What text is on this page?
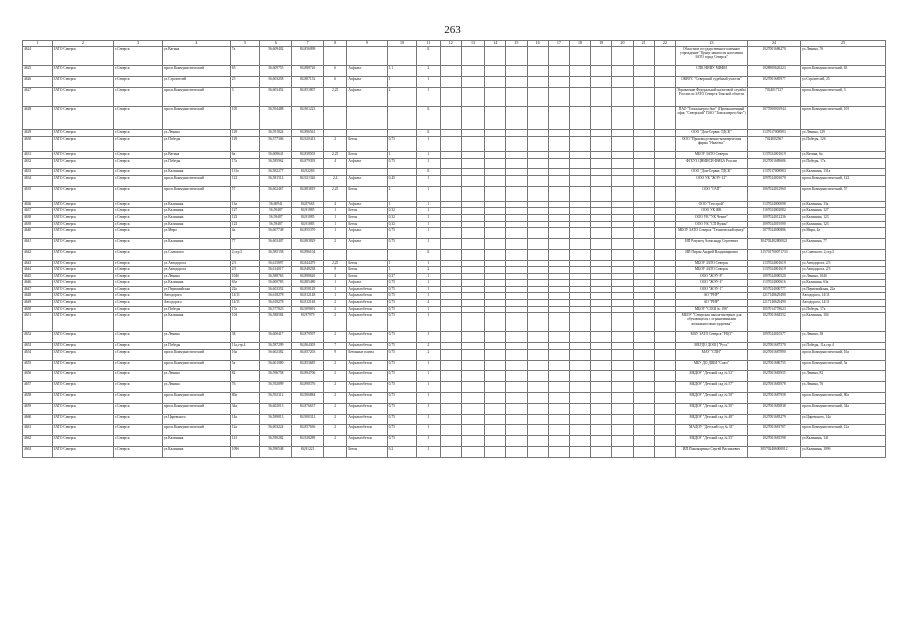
263
1	2	3	4	5	6	7	8	9	10	11	12	13	14	15	16	17	18	19	20	21	22	23	24	25
4624	ЗАТО Северск	г.Северск	ул.Ватина	7а	56,609402	84,856098				Б												Областное государственное казенное учреждение "Центр занятости населения ЗАТО город Северск"	1027001686270	ул.Ленина, 76
4625	ЗАТО Северск	г.Северск	просп.Коммунистический	65	56,609755	84,888726	6	Асфальт	1,1	2												СПК НИИУ МИФИ	1028900626223	просп.Коммунистический, 65
4626	ЗАТО Северск	г.Северск	ул.Строителей	25	56,603258	84,887152	6	Асфальт	1	1												ОКВУС "Северский судебный участок"	1027001685977	ул.Строителей, 25
4627	ЗАТО Северск	г.Северск	просп.Коммунистический	3	56,603452	84,851807	2,25	Асфальт	2	1												Управление Федеральной налоговой службы России по ЗАТО Северск Томской области	7024017127	просп.Коммунистический, 3
4628	ЗАТО Северск	г.Северск	просп.Коммунистический	105	56,594488	84,901223				Б												ПАО "Томскэнергосбыт" (Промышленный офис "Северский" ПАО "Томскэнергосбыт")	1077000001944	просп.Коммунистический, 105
4629	ЗАТО Северск	г.Северск	ул.Ленина	129	56,591824	84,896561				Б												ООО "Дон-Сервис ТДСК"	1137017008983	ул.Ленина, 129
4630	ЗАТО Северск	г.Северск	ул.Победы	129	56,577306	84,920413	2	Бетон	0,75	1												ООО "Производственно-коммерческая фирма "Ньютекс"	7024002567	ул.Победы, 126
4631	ЗАТО Северск	г.Северск	ул.Ватина	6а	56,608641	84,838503	2,25	Бетон	1	1												МБОУ ЗАТО Северск	1137024001619	ул.Ватина, 6а
4632	ЗАТО Северск	г.Северск	ул.Победы	17а	56,585962	84,879393	4	Асфальт	0,75	1												ФГБУЗ ЦНИИСИ ФМБА России	1027001689686	ул.Победы, 17а
4633	ЗАТО Северск	г.Северск	ул.Калинина	131а	56,582277	84,92269				Б												ООО "Дон-Сервис ТДСК"	1137017008983	ул.Калинина, 131а
4634	ЗАТО Северск	г.Северск	просп.Коммунистический	122	56,581514	84,921326	2,4	Асфальт	0,45	1												ООО УК "ЖЭУ-12"	1097024001070	просп.Коммунистический, 122
4635	ЗАТО Северск	г.Северск	просп.Коммунистический	57	56,602467	84,883819	2,25	Бетон	2	1												ООО "ГАП"	1067024012960	просп.Коммунистический, 57
4636	ЗАТО Северск	г.Северск	ул.Калинина	13а	56,60941	84,87665	4	Асфальт	1	1												ООО "Техстрой"	1137024000098	ул.Калинина, 13а
4637	ЗАТО Северск	г.Северск	ул.Калинина	127	56,59487	84,91885	1	Бетон	0,32	1												ООО УК ЖК	1167024002082	ул.Калинина, 127
4638	ЗАТО Северск	г.Северск	ул.Калинина	123	56,59487	84,91885	1	Бетон	0,32	1												ООО УК "УК Чемпт"	1097024012236	ул.Калинина, 123
4639	ЗАТО Северск	г.Северск	ул.Калинина	123	56,59487	84,91885	1	Бетон	0,32	1												ООО УК "СП Вузин"	1097024019590	ул.Калинина, 123
4640	ЗАТО Северск	г.Северск	ул.Мира	4а	56,607748	84,855370	1	Асфальт	0,75	1												МБОУ ЗАТО Северск "Технический центр"	1077024000886	ул.Мира, 4а
4641	ЗАТО Северск	г.Северск	ул.Калинина	77	56,603407	84,883829	2	Асфальт	0,75	1												ИП Разумец Александр Сергеевич	304702402800021	ул.Калинина, 77
4642	ЗАТО Северск	г.Северск	ул.Славского	2,стр.5	56,585158	84,896104				Б												ИП Пирон Андрей Владимирович	315701700071733	ул.Славского, 2,стр.5
4643	ЗАТО Северск	г.Северск	ул.Автодорога	2/3	56,615897	84,844479	2,25	Бетон	1	1												МБОУ ЗАТО Северск	1137024001619	ул.Автодорога, 2/3
4644	ЗАТО Северск	г.Северск	ул.Автодорога	2/3	56,614017	84,848238	9	Бетон	1	2												МБОУ ЗАТО Северск	1137024001619	ул.Автодорога, 2/3
4645	ЗАТО Северск	г.Северск	ул.Ленина	104б	56,588763	84,898626	4	Бетон	0,37	1												ООО "ЖЭУ-8"	1097024000520	ул.Ленина, 104б
4646	ЗАТО Северск	г.Северск	ул.Калинина	63а	56,600783	84,885480	1	Асфальт	0,75	1												ООО "ЖЭУ-4"	1137024000616	ул.Калинина, 63а
4647	ЗАТО Северск	г.Северск	ул.Первомайская	22а	56,603352	84,858129	1	Асфальтобетон	0,75	1												ООО "ЖЭУ-1"	1057024000777	ул.Первомайская, 22а
4648	ЗАТО Северск	г.Северск	Автодорога	14/11	56,618278	84,812148	1	Асфальтобетон	0,75	1												АО "РНР"	1217148629490	Автодорога, 14/11
4649	ЗАТО Северск	г.Северск	Автодорога	14/11	56,618278	84,812148	2	Асфальтобетон	0,75	4												АО "РНР"	1217148629490	Автодорога, 14/11
4650	ЗАТО Северск	г.Северск	ул.Победы	17а	56,577823	84,909691	2	Асфальтобетон	0,75	1												МБОУ "СОШ № 196"	1057014778623	ул.Победы, 17а
4651	ЗАТО Северск	г.Северск	ул.Калинина	104	56,588584	84,97979	2	Асфальтобетон	0,75	1												МБОУ "Северская школа-интернат для обучающихся с ограниченными возможностями здоровья"	1027001684552	ул.Калинина, 104
4652	ЗАТО Северск	г.Северск	ул.Ленина	38	56,600417	84,879597	2	Асфальтобетон	0,75	1												МАУ ЗАТО Северск "РЦО"	1097024010577	ул.Ленина, 38
4653	ЗАТО Северск	г.Северск	ул.Победы	11а,стр.4	56,587299	84,864303	7	Асфальтобетон	0,75	2												МБУДО ДООЦ "Русь"	1027001687570	ул.Победы, 11а,стр.4
4654	ЗАТО Северск	г.Северск	просп.Коммунистический	16а	56,602382	84,857203	9	Бетонные плиты	0,75	2												МАУ "СПН"	1027001687890	просп.Коммунистический, 16а
4655	ЗАТО Северск	г.Северск	просп.Коммунистический	5а	56,601080	84,853685	2	Асфальтобетон	0,75	1												МБУ ДО ДШИ "Союз"	1027001686755	просп.Коммунистический, 5а
4656	ЗАТО Северск	г.Северск	ул.Ленина	82	56,596758	84,894706	2	Асфальтобетон	0,75	1												МБДОУ "Детский сад № 52"	1027001683955	ул.Ленина, 82
4657	ЗАТО Северск	г.Северск	ул.Ленина	76	56,592899	84,898376	2	Асфальтобетон	0,75	1												МБДОУ "Детский сад № 57"	1027001683978	ул.Ленина, 76
4658	ЗАТО Северск	г.Северск	просп.Коммунистический	80а	56,592312	84,906884	2	Асфальтобетон	0,75	1												МБДОУ "Детский сад № 58"	1027001687958	просп.Коммунистический, 80а
4659	ЗАТО Северск	г.Северск	просп.Коммунистический	34а	56,602013	84,876637	2	Асфальтобетон	0,75	1												МБДОУ "Детский сад № 50"	1027001683838	просп.Коммунистический, 34а
4660	ЗАТО Северск	г.Северск	ул.Царевского	14а	56,589813	84,900312	2	Асфальтобетон	0,75	1												МБДОУ "Детский сад № 48"	1027001683279	ул.Царевского, 14а
4661	ЗАТО Северск	г.Северск	просп.Коммунистический	12а	56,603224	84,857636	2	Асфальтобетон	0,75	1												МАДОУ "Детский сад № 33"	1027001681707	просп.Коммунистический, 12а
4662	ЗАТО Северск	г.Северск	ул.Калинина	141	56,590282	84,928289	2	Асфальтобетон	0,75	1												МБДОУ "Детский сад № 55"	1027001681598	ул.Калинина, 141
4663	ЗАТО Северск	г.Северск	ул.Калинина	109б	56,590548	84,91221		Бетон	0,2	1												ИП Пономаренко Сергей Васильевич	305702406000012	ул.Калинина, 109б
